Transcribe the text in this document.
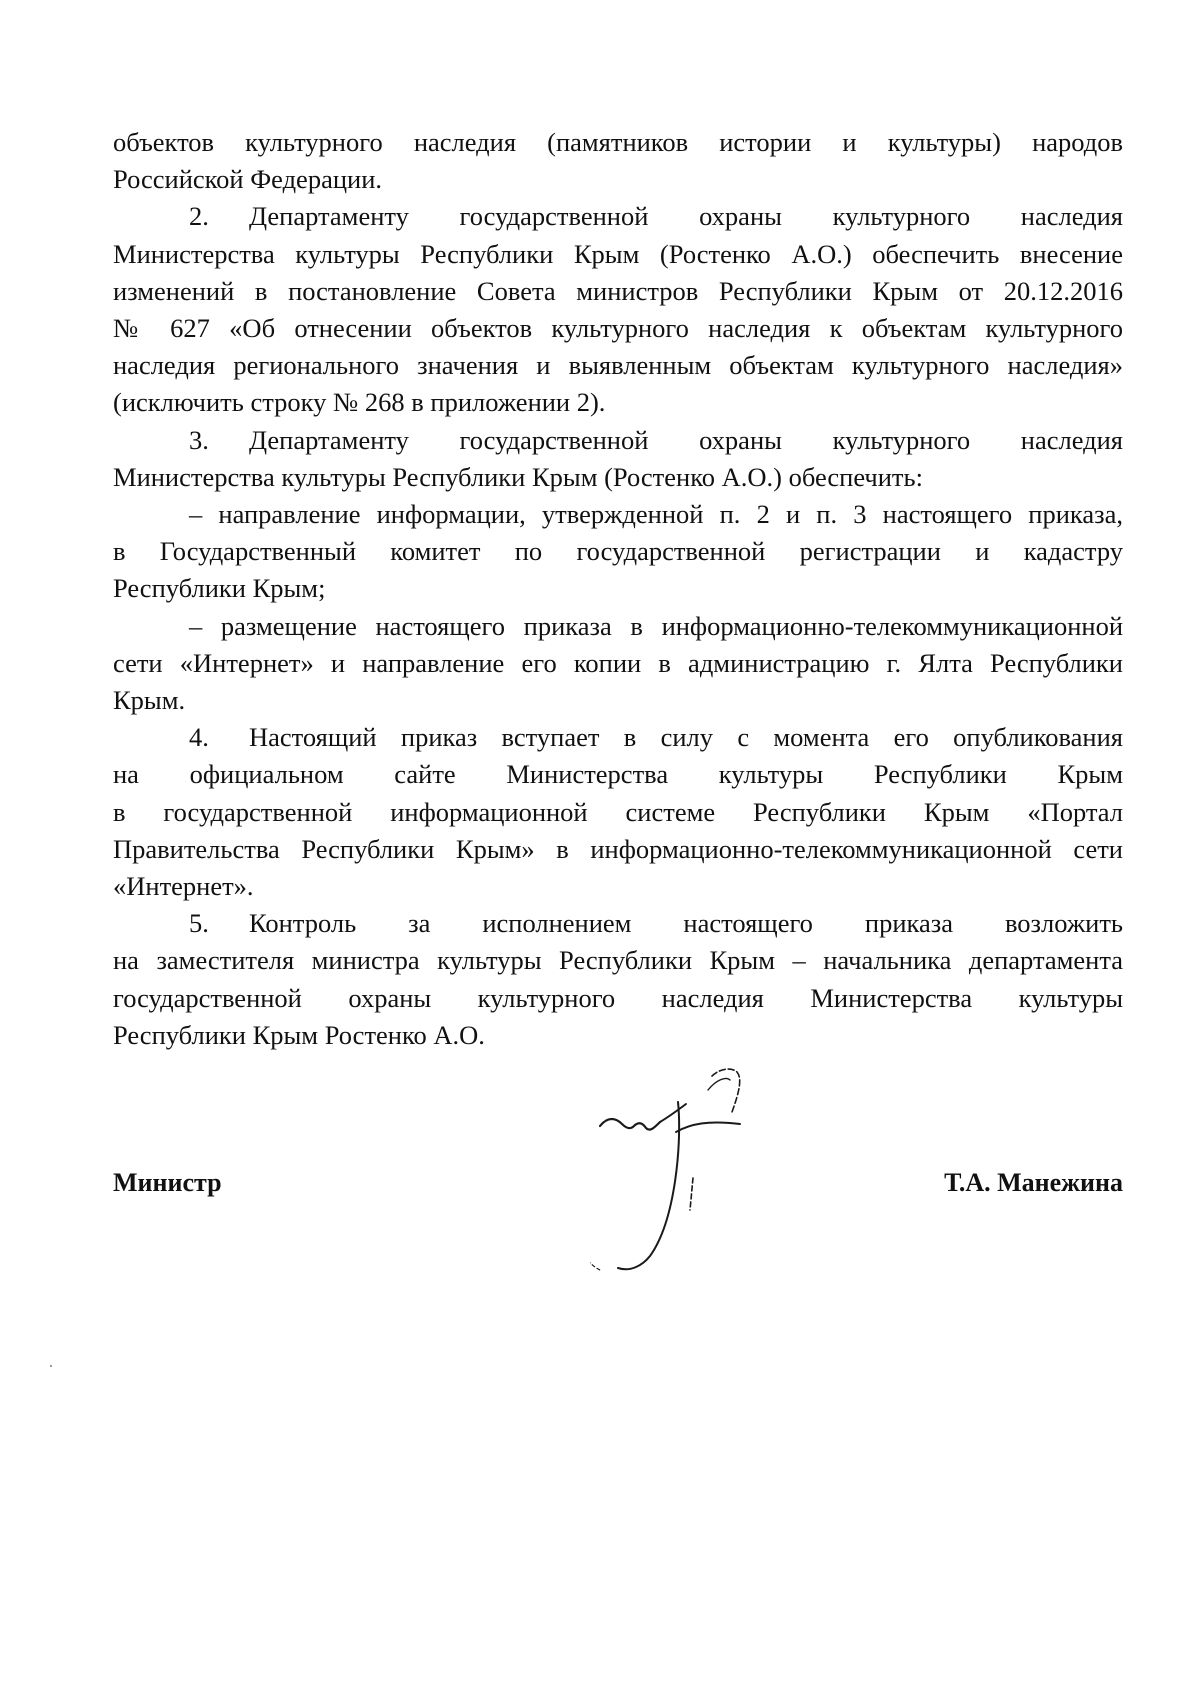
объектов культурного наследия (памятников истории и культуры) народов

Российской Федерации.

2. Департаменту государственной охраны культурного наследия

Министерства культуры Республики Крым (Ростенко А.О.) обеспечить внесение

изменений в постановление Совета министров Республики Крым от 20.12.2016

№ 627 «Об отнесении объектов культурного наследия к объектам культурного

наследия регионального значения и выявленным объектам культурного наследия»

(исключить строку № 268 в приложении 2).

3. Департаменту государственной охраны культурного наследия

Министерства культуры Республики Крым (Ростенко А.О.) обеспечить:

– направление информации, утвержденной п. 2 и п. 3 настоящего приказа,

в Государственный комитет по государственной регистрации и кадастру

Республики Крым;

– размещение настоящего приказа в информационно-телекоммуникационной

сети «Интернет» и направление его копии в администрацию г. Ялта Республики

Крым.

4. Настоящий приказ вступает в силу с момента его опубликования

на официальном сайте Министерства культуры Республики Крым

в государственной информационной системе Республики Крым «Портал

Правительства Республики Крым» в информационно-телекоммуникационной сети

«Интернет».

5. Контроль за исполнением настоящего приказа возложить

на заместителя министра культуры Республики Крым – начальника департамента

государственной охраны культурного наследия Министерства культуры

Республики Крым Ростенко А.О.

Министр	Т.А. Манежина
